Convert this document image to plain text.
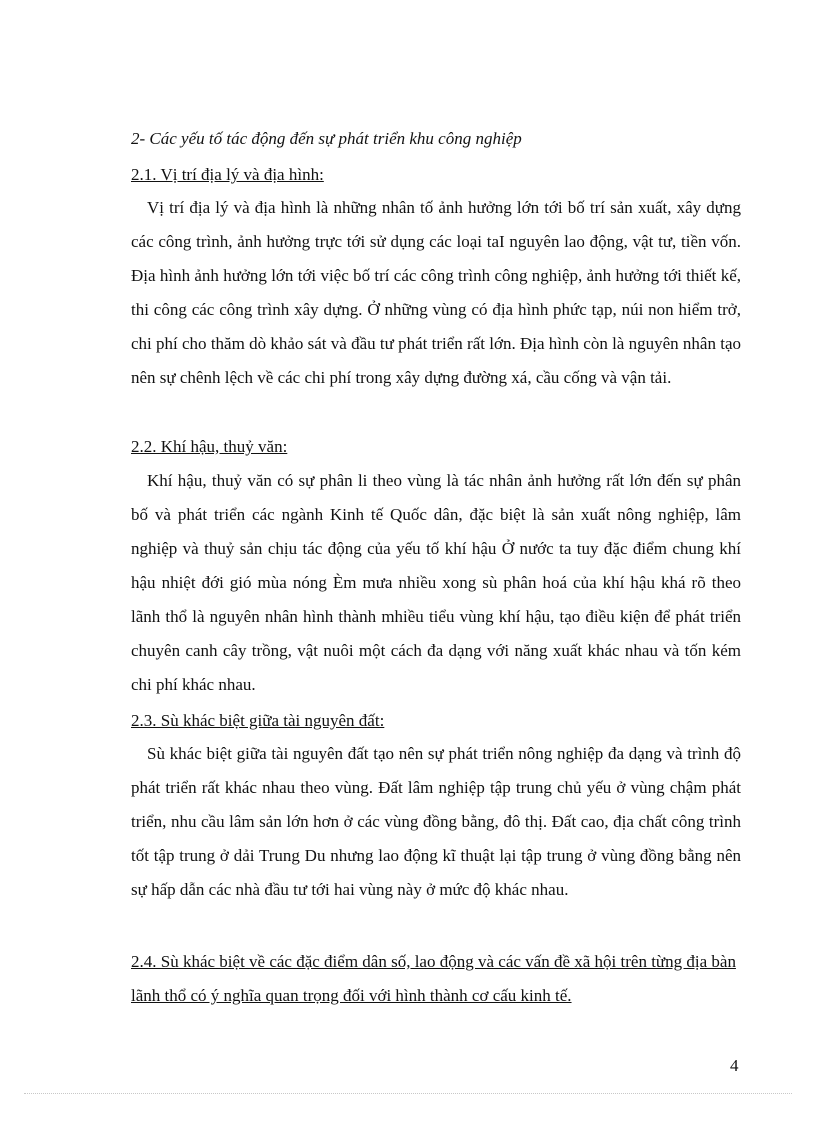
2- Các yếu tố tác động đến sự phát triển khu công nghiệp
2.1. Vị trí địa lý và địa hình:
Vị trí địa lý và địa hình là những nhân tố ảnh hưởng lớn tới bố trí sản xuất, xây dựng các công trình, ảnh hưởng trực tới sử dụng các loại taI nguyên lao động, vật tư, tiền vốn. Địa hình ảnh hưởng lớn tới việc bố trí các công trình công nghiệp, ảnh hưởng tới thiết kế, thi công các công trình xây dựng. Ở những vùng có địa hình phức tạp, núi non hiểm trở, chi phí cho thăm dò khảo sát và đầu tư phát triển rất lớn. Địa hình còn là nguyên nhân tạo nên sự chênh lệch về các chi phí trong xây dựng đường xá, cầu cống và vận tải.
2.2. Khí hậu, thuỷ văn:
Khí hậu, thuỷ văn có sự phân li theo vùng là tác nhân ảnh hưởng rất lớn đến sự phân bố và phát triển các ngành Kinh tế Quốc dân, đặc biệt là sản xuất nông nghiệp, lâm nghiệp và thuỷ sản chịu tác động của yếu tố khí hậu Ở nước ta tuy đặc điểm chung khí hậu nhiệt đới gió mùa nóng Èm mưa nhiều xong sù phân hoá của khí hậu khá rõ theo lãnh thổ là nguyên nhân hình thành mhiều tiểu vùng khí hậu, tạo điều kiện để phát triển chuyên canh cây trồng, vật nuôi một cách đa dạng với năng xuất khác nhau và tốn kém chi phí khác nhau.
2.3. Sù khác biệt giữa tài nguyên đất:
Sù khác biệt giữa tài nguyên đất tạo nên sự phát triển nông nghiệp đa dạng và trình độ phát triển rất khác nhau theo vùng. Đất lâm nghiệp tập trung chủ yếu ở vùng chậm phát triển, nhu cầu lâm sản lớn hơn ở các vùng đồng bằng, đô thị. Đất cao, địa chất công trình tốt tập trung ở dải Trung Du nhưng lao động kĩ thuật lại tập trung ở vùng đồng bằng nên sự hấp dẫn các nhà đầu tư tới hai vùng này ở mức độ khác nhau.
2.4. Sù khác biệt về các đặc điểm dân số, lao động và các vấn đề xã hội trên từng địa bàn lãnh thổ có ý nghĩa quan trọng đối với hình thành cơ cấu kinh tế.
4
